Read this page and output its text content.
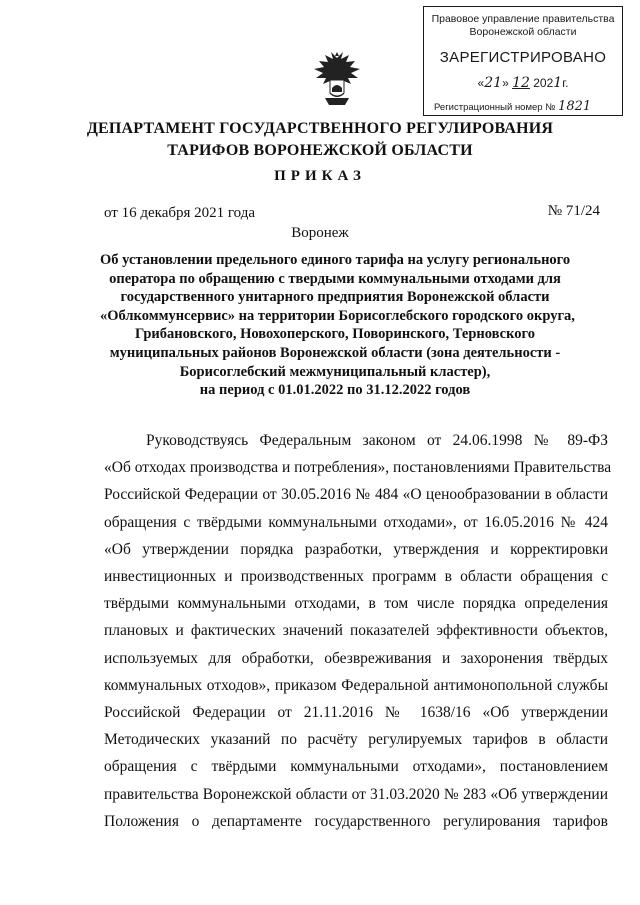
Правовое управление правительства
Воронежской области
ЗАРЕГИСТРИРОВАНО
«21» 12 2021г.
Регистрационный номер № 1821
ДЕПАРТАМЕНТ ГОСУДАРСТВЕННОГО РЕГУЛИРОВАНИЯ
ТАРИФОВ ВОРОНЕЖСКОЙ ОБЛАСТИ
ПРИКАЗ
от 16 декабря 2021 года	№ 71/24
Воронеж
Об установлении предельного единого тарифа на услугу регионального
оператора по обращению с твердыми коммунальными отходами для
государственного унитарного предприятия Воронежской области
«Облкоммунсервис» на территории Борисоглебского городского округа,
Грибановского, Новохоперского, Поворинского, Терновского
муниципальных районов Воронежской области (зона деятельности -
Борисоглебский межмуниципальный кластер),
на период с 01.01.2022 по 31.12.2022 годов
Руководствуясь Федеральным законом от 24.06.1998 № 89-ФЗ
«Об отходах производства и потребления», постановлениями Правительства
Российской Федерации от 30.05.2016 № 484 «О ценообразовании в области
обращения с твёрдыми коммунальными отходами», от 16.05.2016 № 424
«Об утверждении порядка разработки, утверждения и корректировки
инвестиционных и производственных программ в области обращения с
твёрдыми коммунальными отходами, в том числе порядка определения
плановых и фактических значений показателей эффективности объектов,
используемых для обработки, обезвреживания и захоронения твёрдых
коммунальных отходов», приказом Федеральной антимонопольной службы
Российской Федерации от 21.11.2016 № 1638/16 «Об утверждении
Методических указаний по расчёту регулируемых тарифов в области
обращения с твёрдыми коммунальными отходами», постановлением
правительства Воронежской области от 31.03.2020 № 283 «Об утверждении
Положения о департаменте государственного регулирования тарифов
